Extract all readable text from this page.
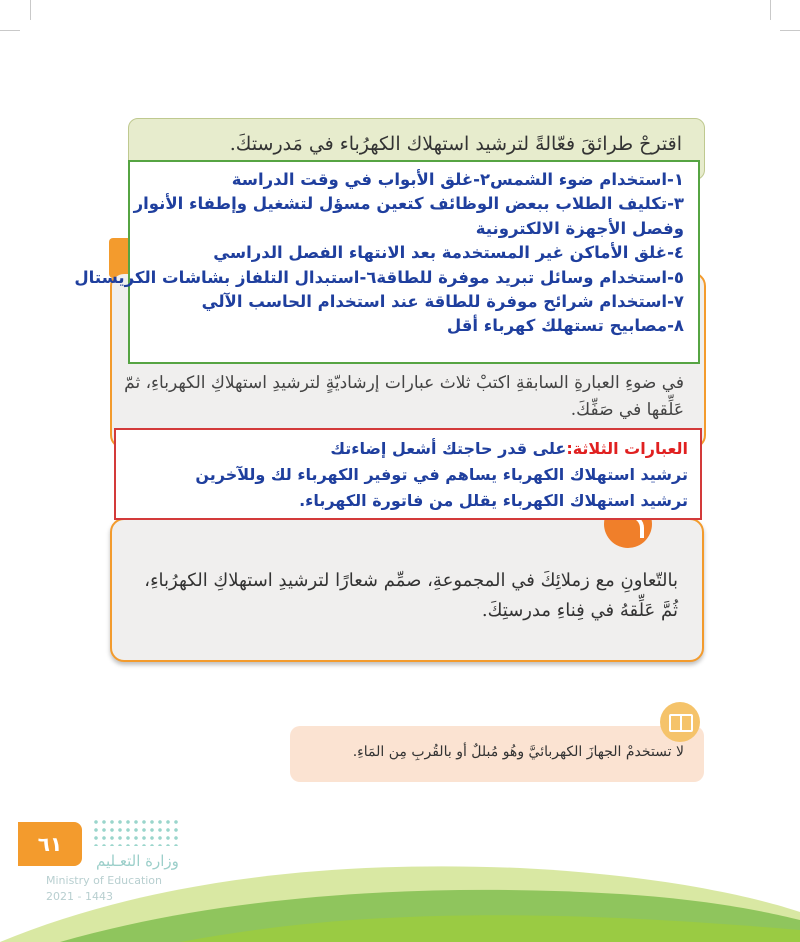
اقترحْ طرائقَ فعّالةً لترشيد استهلاك الكهرُباء في مَدرستكَ.
في ضوءِ العبارةِ السابقةِ اكتبْ ثلاث عبارات إرشاديّةٍ لترشيدِ استهلاكِ الكهرباءِ، ثمّ
عَلِّقها في صَفِّكَ.
١-استخدام ضوء الشمس٢-غلق الأبواب في وقت الدراسة
٣-تكليف الطلاب ببعض الوظائف كتعين مسؤل لتشغيل وإطفاء الأنوار
وفصل الأجهزة الالكترونية
٤-غلق الأماكن غير المستخدمة بعد الانتهاء الفصل الدراسي
٥-استخدام وسائل تبريد موفرة للطاقة٦-استبدال التلفاز بشاشات الكريستال
٧-استخدام شرائح موفرة للطاقة عند استخدام الحاسب الآلي
٨-مصابيح تستهلك كهرباء أقل
بالتّعاونِ مع زملائِكَ في المجموعةِ، صمِّم شعارًا لترشيدِ استهلاكِ الكهرُباءِ،
ثُمَّ عَلِّقهُ في فِناءِ مدرستِكَ.
العبارات الثلاثة:على قدر حاجتك أشعل إضاءتك
ترشيد استهلاك الكهرباء يساهم في توفير الكهرباء لك وللآخرين
ترشيد استهلاك الكهرباء يقلل من فاتورة الكهرباء.
لا تستخدمْ الجهازَ الكهربائيَّ وهُو مُبللٌ أو بالقُربِ مِن المَاءِ.
٦١
وزارة التعـليم
Ministry of Education
2021 - 1443
